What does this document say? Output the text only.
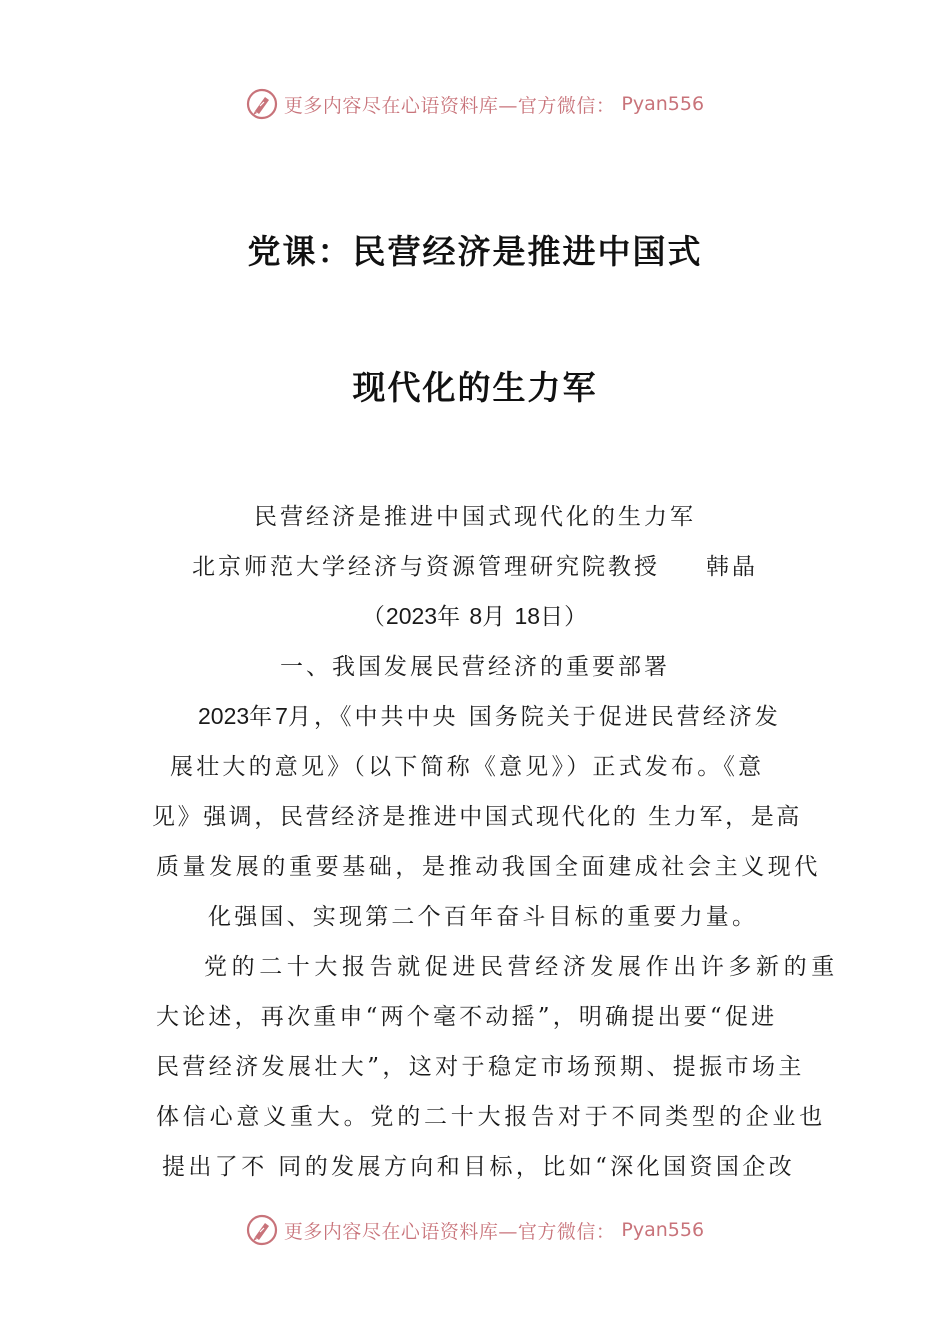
更多内容尽在心语资料库—官方微信： Pyan556
党课：民营经济是推进中国式
现代化的生力军
民营经济是推进中国式现代化的生力军
北京师范大学经济与资源管理研究院教授 韩晶
（2023年 8月 18日）
一、我国发展民营经济的重要部署
2023年7月，《中共中央 国务院关于促进民营经济发
展壮大的意见》（以下简称《意见》）正式发布。《意
见》强调，民营经济是推进中国式现代化的 生力军，是高
质量发展的重要基础，是推动我国全面建成社会主义现代
化强国、实现第二个百年奋斗目标的重要力量。
党的二十大报告就促进民营经济发展作出许多新的重
大论述，再次重申“两个毫不动摇”，明确提出要“促进
民营经济发展壮大”，这对于稳定市场预期、提振市场主
体信心意义重大。党的二十大报告对于不同类型的企业也
提出了不 同的发展方向和目标，比如“深化国资国企改
更多内容尽在心语资料库—官方微信： Pyan556
